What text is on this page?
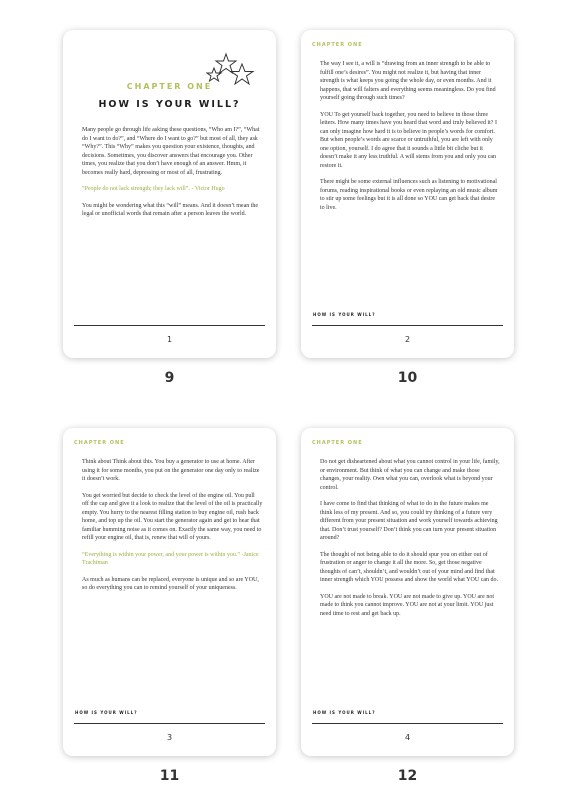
CHAPTER ONE
HOW IS YOUR WILL?

Many people go through life asking these questions, “Who am I?”, “What do I want to do?”, and “Where do I want to go?” but most of all, they ask “Why?”. This “Why” makes you question your existence, thoughts, and decisions. Sometimes, you discover answers that encourage you. Other times, you realize that you don’t have enough of an answer. Hmm, it becomes really hard, depressing or most of all, frustrating.

“People do not lack strength; they lack will”. - Victor Hugo

You might be wondering what this “will” means. And it doesn’t mean the legal or unofficial words that remain after a person leaves the world.

1
9
CHAPTER ONE

The way I see it, a will is “drawing from an inner strength to be able to fulfill one’s desires”. You might not realize it, but having that inner strength is what keeps you going the whole day, or even months. And it happens, that will falters and everything seems meaningless. Do you find yourself going through such times?

YOU To get yourself back together, you need to believe in those three letters. How many times have you heard that word and truly believed it? I can only imagine how hard it is to believe in people’s words for comfort. But when people’s words are scarce or untruthful, you are left with only one option, yourself. I do agree that it sounds a little bit cliche but it doesn’t make it any less truthful. A will stems from you and only you can restore it.

There might be some external influences such as listening to motivational forums, reading inspirational books or even replaying an old music album to stir up some feelings but it is all done so YOU can get back that desire to live.

HOW IS YOUR WILL?
2
10
CHAPTER ONE

Think about Think about this. You buy a generator to use at home. After using it for some months, you put on the generator one day only to realize it doesn’t work.

You get worried but decide to check the level of the engine oil. You pull off the cap and give it a look to realize that the level of the oil is practically empty. You hurry to the nearest filling station to buy engine oil, rush back home, and top up the oil. You start the generator again and get to hear that familiar humming noise as it comes on. Exactly the same way, you need to refill your engine oil, that is, renew that will of yours.

“Everything is within your power, and your power is within you.” -Janice Trachtman

As much as humans can be replaced, everyone is unique and so are YOU, so do everything you can to remind yourself of your uniqueness.

HOW IS YOUR WILL?
3
11
CHAPTER ONE

Do not get disheartened about what you cannot control in your life, family, or environment. But think of what you can change and make those changes, your reality. Own what you can, overlook what is beyond your control.

I have come to find that thinking of what to do in the future makes me think less of my present. And so, you could try thinking of a future very different from your present situation and work yourself towards achieving that. Don’t trust yourself? Don’t think you can turn your present situation around?

The thought of not being able to do it should spur you on either out of frustration or anger to change it all the more. So, get those negative thoughts of can’t, shouldn’t, and wouldn’t out of your mind and find that inner strength which YOU possess and show the world what YOU can do.

YOU are not made to break. YOU are not made to give up. YOU are not made to think you cannot improve. YOU are not at your limit. YOU just need time to rest and get back up.

HOW IS YOUR WILL?
4
12
